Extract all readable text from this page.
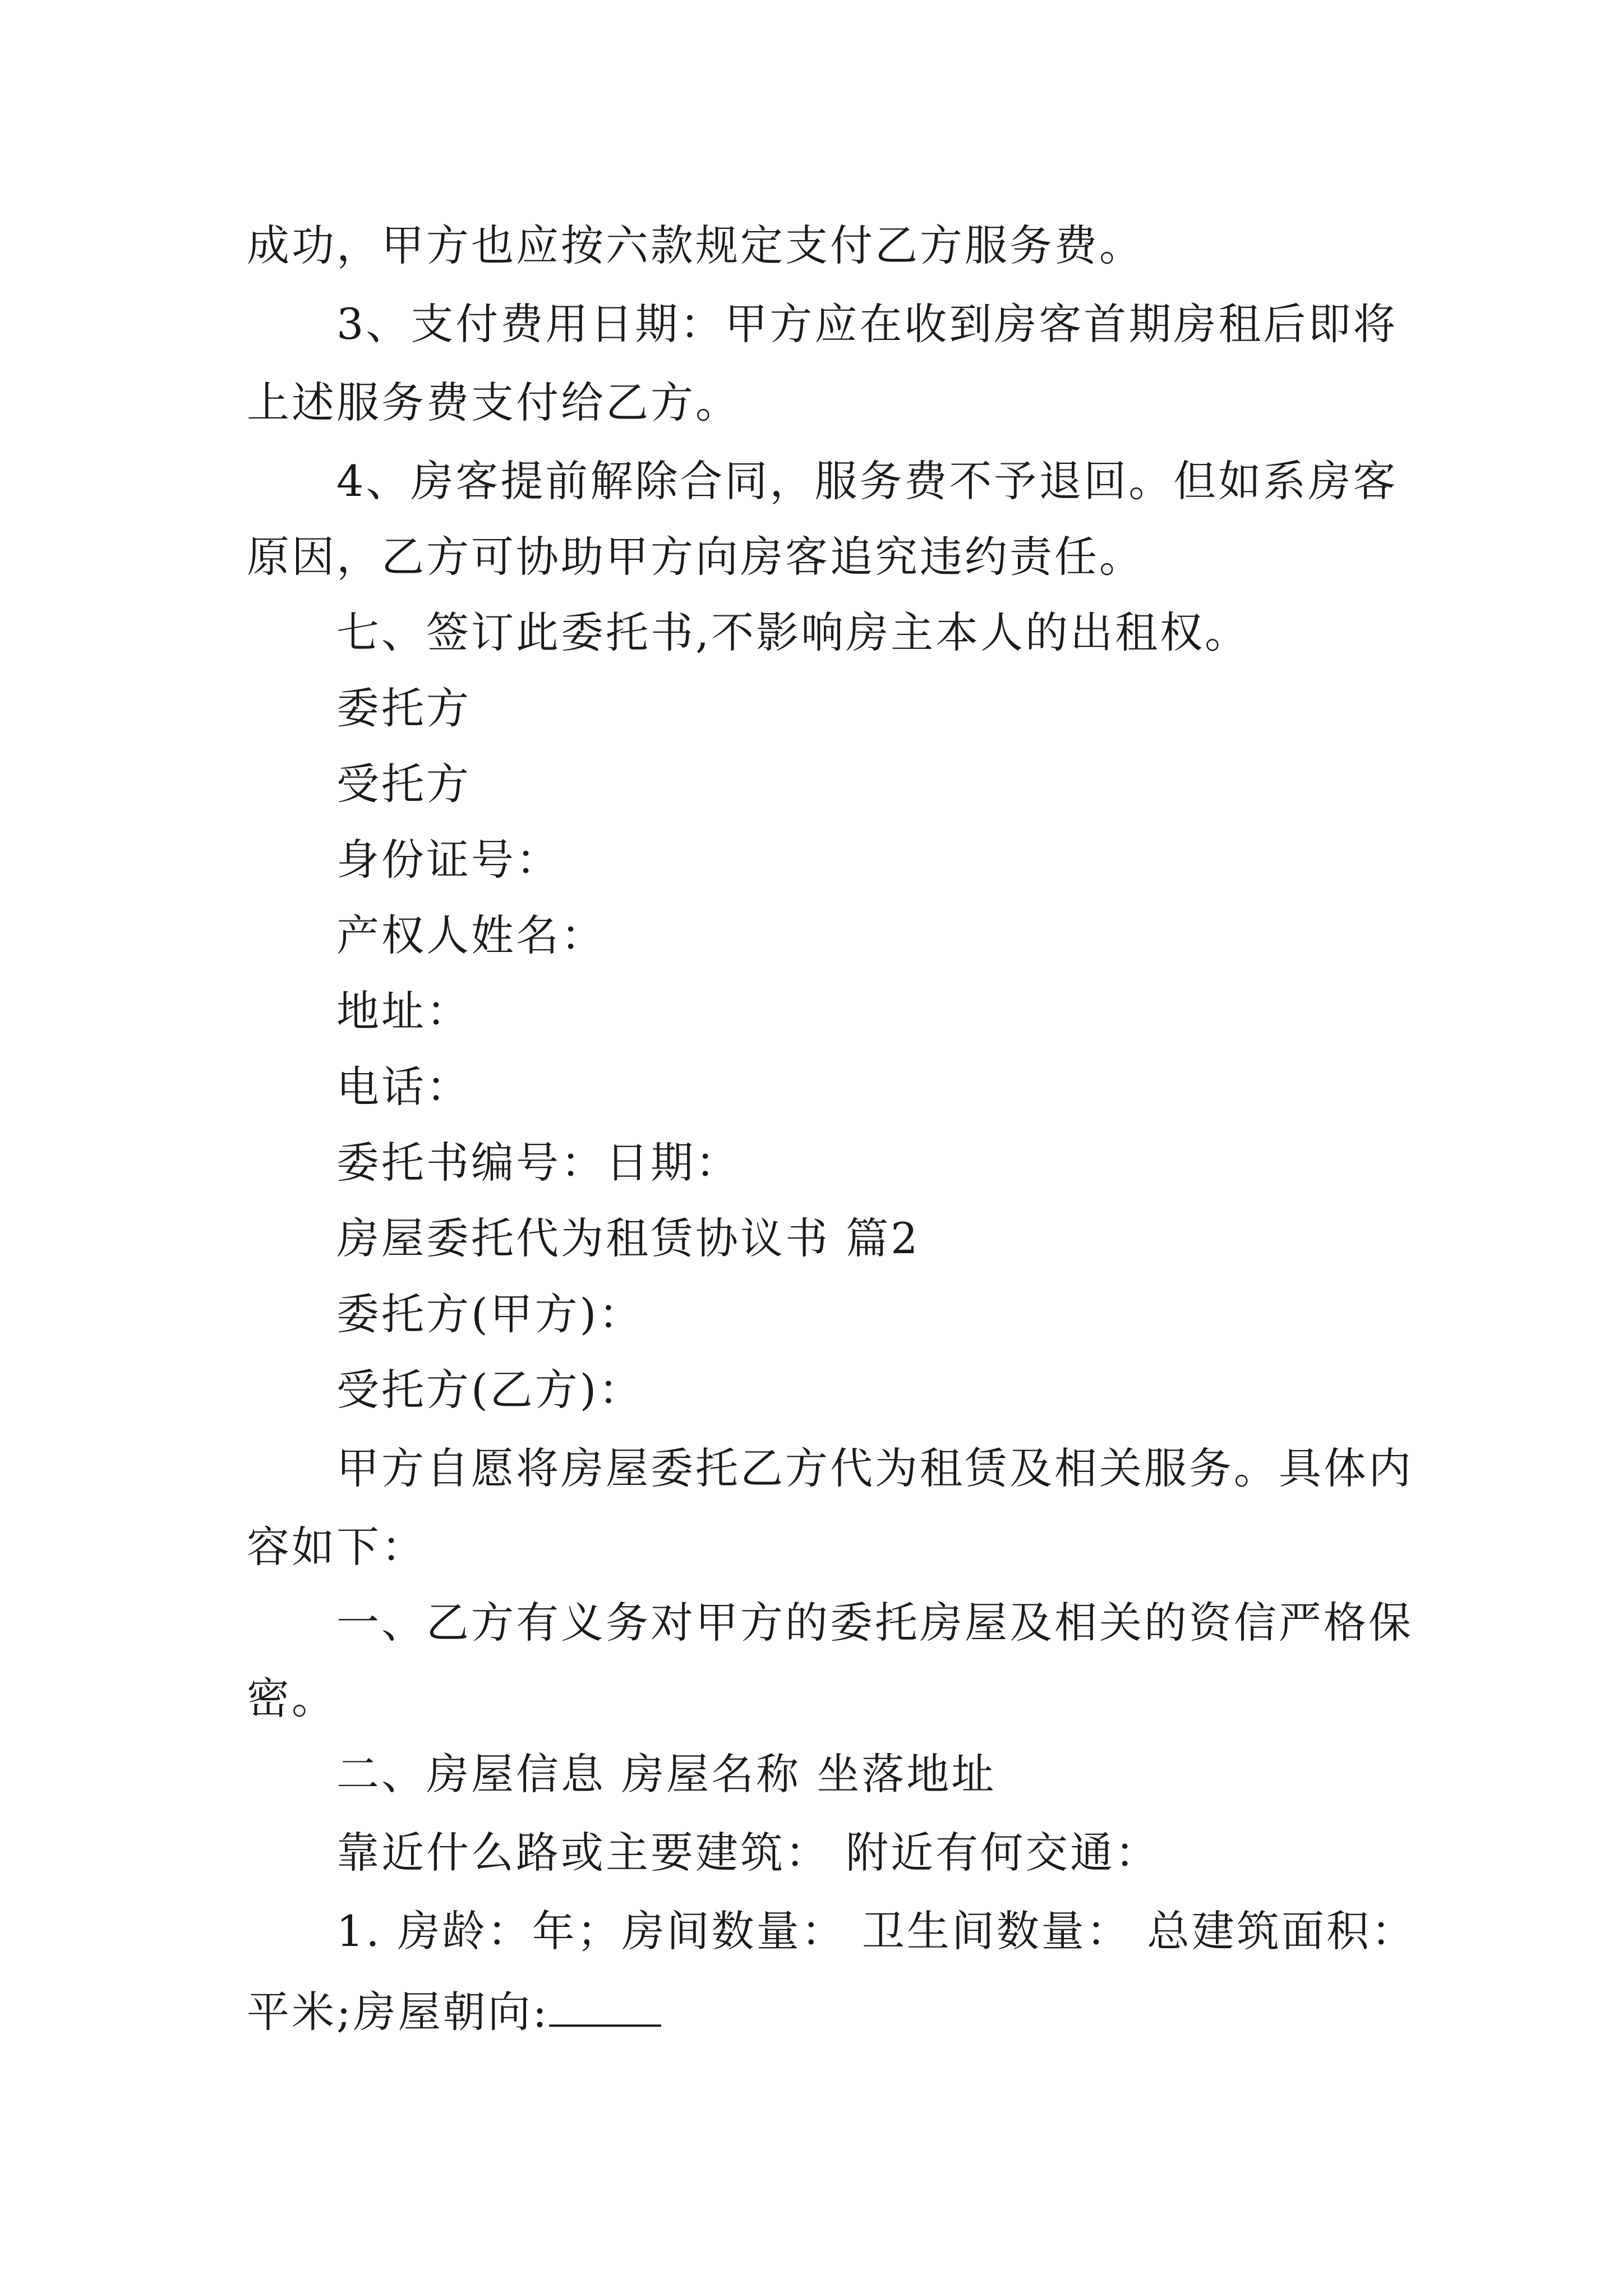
成功，甲方也应按六款规定支付乙方服务费。
3、支付费用日期：甲方应在收到房客首期房租后即将
上述服务费支付给乙方。
4、房客提前解除合同，服务费不予退回。但如系房客
原因，乙方可协助甲方向房客追究违约责任。
七、签订此委托书,不影响房主本人的出租权。
委托方
受托方
身份证号：
产权人姓名：
地址：
电话：
委托书编号：日期：
房屋委托代为租赁协议书 篇2
委托方(甲方)：
受托方(乙方)：
甲方自愿将房屋委托乙方代为租赁及相关服务。具体内
容如下：
一、乙方有义务对甲方的委托房屋及相关的资信严格保
密。
二、房屋信息 房屋名称 坐落地址
靠近什么路或主要建筑： 附近有何交通：
1. 房龄：年；房间数量： 卫生间数量： 总建筑面积：
平米;房屋朝向:
